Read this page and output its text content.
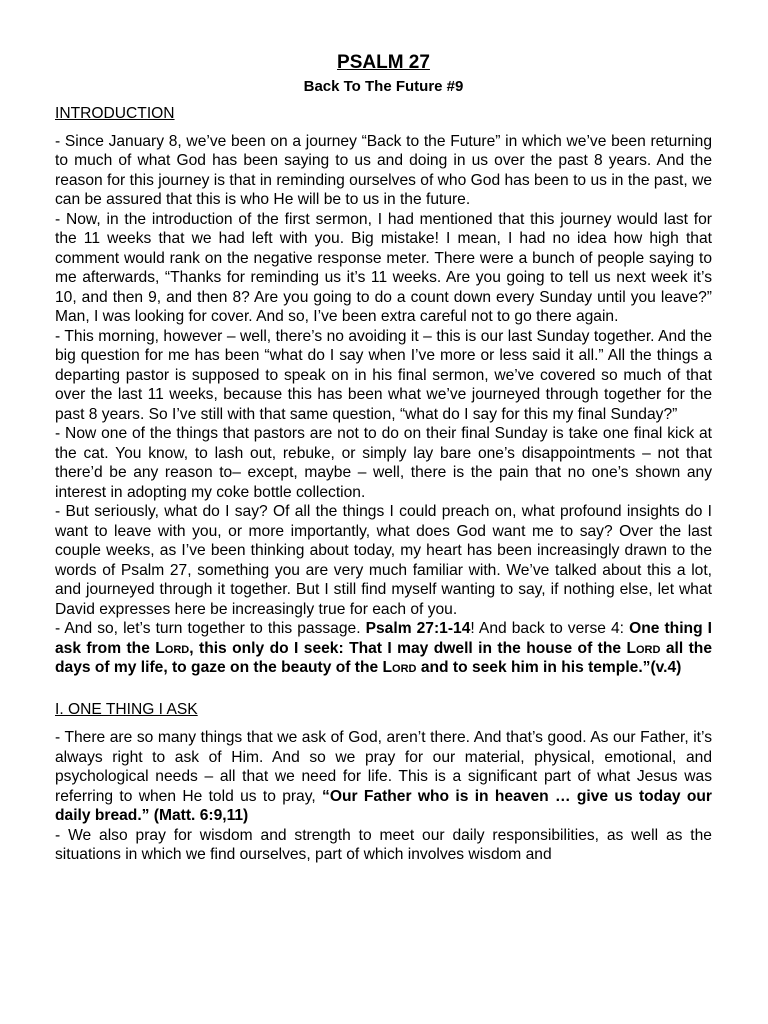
PSALM 27
Back To The Future #9
INTRODUCTION

- Since January 8, we’ve been on a journey “Back to the Future” in which we’ve been returning to much of what God has been saying to us and doing in us over the past 8 years. And the reason for this journey is that in reminding ourselves of who God has been to us in the past, we can be assured that this is who He will be to us in the future.

- Now, in the introduction of the first sermon, I had mentioned that this journey would last for the 11 weeks that we had left with you. Big mistake! I mean, I had no idea how high that comment would rank on the negative response meter. There were a bunch of people saying to me afterwards, “Thanks for reminding us it’s 11 weeks. Are you going to tell us next week it’s 10, and then 9, and then 8? Are you going to do a count down every Sunday until you leave?” Man, I was looking for cover. And so, I’ve been extra careful not to go there again.

- This morning, however – well, there’s no avoiding it – this is our last Sunday together. And the big question for me has been “what do I say when I’ve more or less said it all.” All the things a departing pastor is supposed to speak on in his final sermon, we’ve covered so much of that over the last 11 weeks, because this has been what we’ve journeyed through together for the past 8 years. So I’ve still with that same question, “what do I say for this my final Sunday?”

- Now one of the things that pastors are not to do on their final Sunday is take one final kick at the cat. You know, to lash out, rebuke, or simply lay bare one’s disappointments – not that there’d be any reason to– except, maybe – well, there is the pain that no one’s shown any interest in adopting my coke bottle collection.

- But seriously, what do I say? Of all the things I could preach on, what profound insights do I want to leave with you, or more importantly, what does God want me to say? Over the last couple weeks, as I’ve been thinking about today, my heart has been increasingly drawn to the words of Psalm 27, something you are very much familiar with. We’ve talked about this a lot, and journeyed through it together. But I still find myself wanting to say, if nothing else, let what David expresses here be increasingly true for each of you.

- And so, let’s turn together to this passage. Psalm 27:1-14! And back to verse 4: One thing I ask from the Lord, this only do I seek: That I may dwell in the house of the Lord all the days of my life, to gaze on the beauty of the Lord and to seek him in his temple.”(v.4)

I. ONE THING I ASK

- There are so many things that we ask of God, aren’t there. And that’s good. As our Father, it’s always right to ask of Him. And so we pray for our material, physical, emotional, and psychological needs – all that we need for life. This is a significant part of what Jesus was referring to when He told us to pray, “Our Father who is in heaven … give us today our daily bread.” (Matt. 6:9,11)

- We also pray for wisdom and strength to meet our daily responsibilities, as well as the situations in which we find ourselves, part of which involves wisdom and
